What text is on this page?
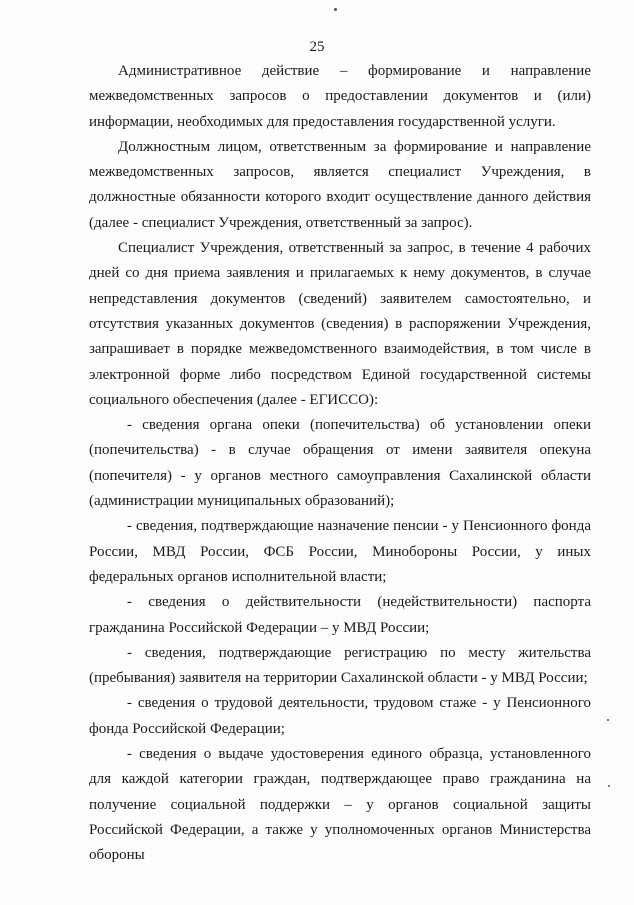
25

Административное действие – формирование и направление межведомственных запросов о предоставлении документов и (или) информации, необходимых для предоставления государственной услуги.

Должностным лицом, ответственным за формирование и направление межведомственных запросов, является специалист Учреждения, в должностные обязанности которого входит осуществление данного действия (далее - специалист Учреждения, ответственный за запрос).

Специалист Учреждения, ответственный за запрос, в течение 4 рабочих дней со дня приема заявления и прилагаемых к нему документов, в случае непредставления документов (сведений) заявителем самостоятельно, и отсутствия указанных документов (сведения) в распоряжении Учреждения, запрашивает в порядке межведомственного взаимодействия, в том числе в электронной форме либо посредством Единой государственной системы социального обеспечения (далее - ЕГИССО):

- сведения органа опеки (попечительства) об установлении опеки (попечительства) - в случае обращения от имени заявителя опекуна (попечителя) - у органов местного самоуправления Сахалинской области (администрации муниципальных образований);

- сведения, подтверждающие назначение пенсии - у Пенсионного фонда России, МВД России, ФСБ России, Минобороны России, у иных федеральных органов исполнительной власти;

- сведения о действительности (недействительности) паспорта гражданина Российской Федерации – у МВД России;

- сведения, подтверждающие регистрацию по месту жительства (пребывания) заявителя на территории Сахалинской области - у МВД России;

- сведения о трудовой деятельности, трудовом стаже - у Пенсионного фонда Российской Федерации;

- сведения о выдаче удостоверения единого образца, установленного для каждой категории граждан, подтверждающее право гражданина на получение социальной поддержки – у органов социальной защиты Российской Федерации, а также у уполномоченных органов Министерства обороны
